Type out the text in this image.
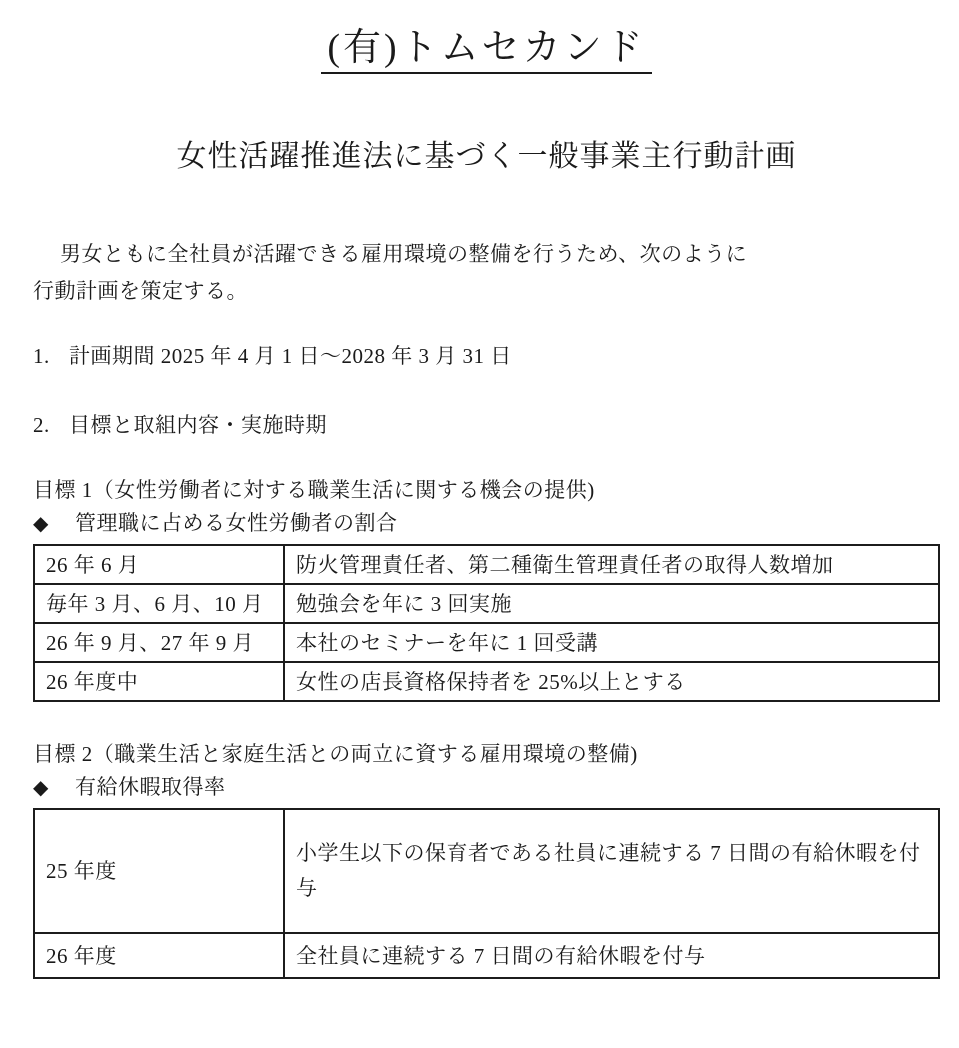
(有)トムセカンド
女性活躍推進法に基づく一般事業主行動計画

男女ともに全社員が活躍できる雇用環境の整備を行うため、次のように
行動計画を策定する。

1. 計画期間 2025 年 4 月 1 日～2028 年 3 月 31 日

2. 目標と取組内容・実施時期

目標 1（女性労働者に対する職業生活に関する機会の提供)

◆	管理職に占める女性労働者の割合

26 年 6 月	防火管理責任者、第二種衛生管理責任者の取得人数増加
毎年 3 月、6 月、10 月	勉強会を年に 3 回実施
26 年 9 月、27 年 9 月	本社のセミナーを年に 1 回受講
26 年度中	女性の店長資格保持者を 25%以上とする

目標 2（職業生活と家庭生活との両立に資する雇用環境の整備)

◆	有給休暇取得率

25 年度	小学生以下の保育者である社員に連続する 7 日間の有給休暇を付与
26 年度	全社員に連続する 7 日間の有給休暇を付与
